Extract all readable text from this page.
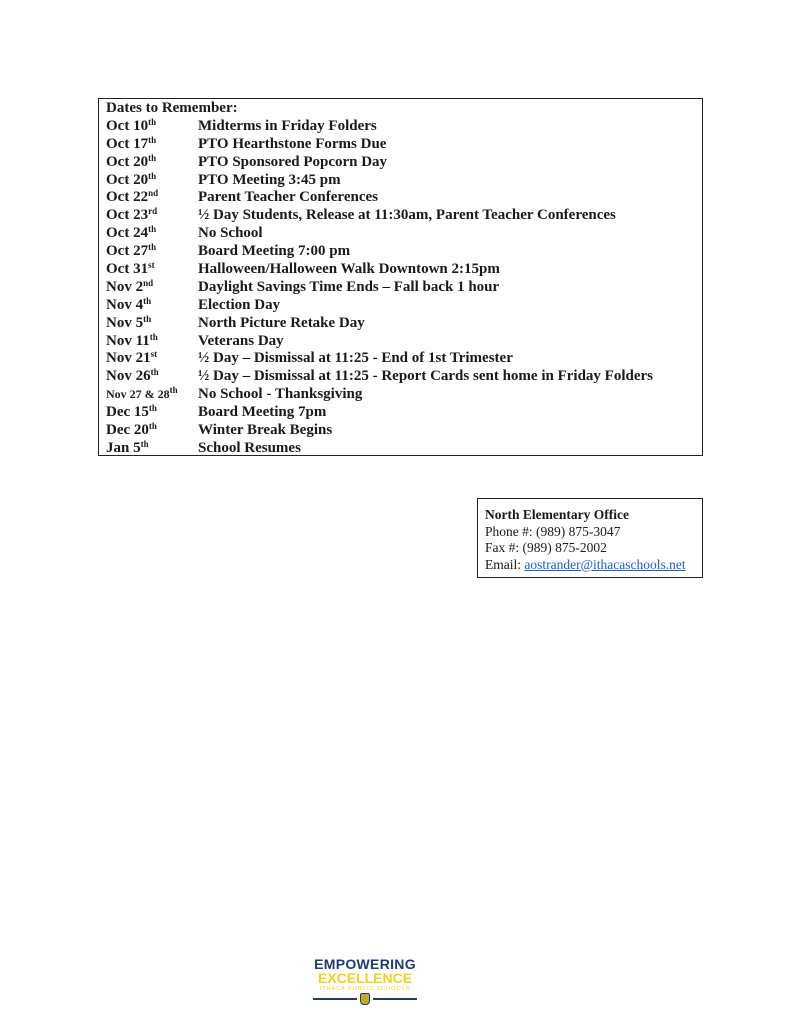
Dates to Remember:
Oct 10th	Midterms in Friday Folders
Oct 17th	PTO Hearthstone Forms Due
Oct 20th	PTO Sponsored Popcorn Day
Oct 20th	PTO Meeting 3:45 pm
Oct 22nd	Parent Teacher Conferences
Oct 23rd	½ Day Students, Release at 11:30am, Parent Teacher Conferences
Oct 24th	No School
Oct 27th	Board Meeting 7:00 pm
Oct 31st	Halloween/Halloween Walk Downtown 2:15pm
Nov 2nd	Daylight Savings Time Ends – Fall back 1 hour
Nov 4th	Election Day
Nov 5th	North Picture Retake Day
Nov 11th	Veterans Day
Nov 21st	½ Day – Dismissal at 11:25 - End of 1st Trimester
Nov 26th	½ Day – Dismissal at 11:25 - Report Cards sent home in Friday Folders
Nov 27 & 28th No School - Thanksgiving
Dec 15th	Board Meeting 7pm
Dec 20th	Winter Break Begins
Jan 5th	School Resumes
North Elementary Office
Phone #: (989) 875-3047
Fax #: (989) 875-2002
Email: aostrander@ithacaschools.net
EMPOWERING
EXCELLENCE
ITHACA PUBLIC SCHOOLS
